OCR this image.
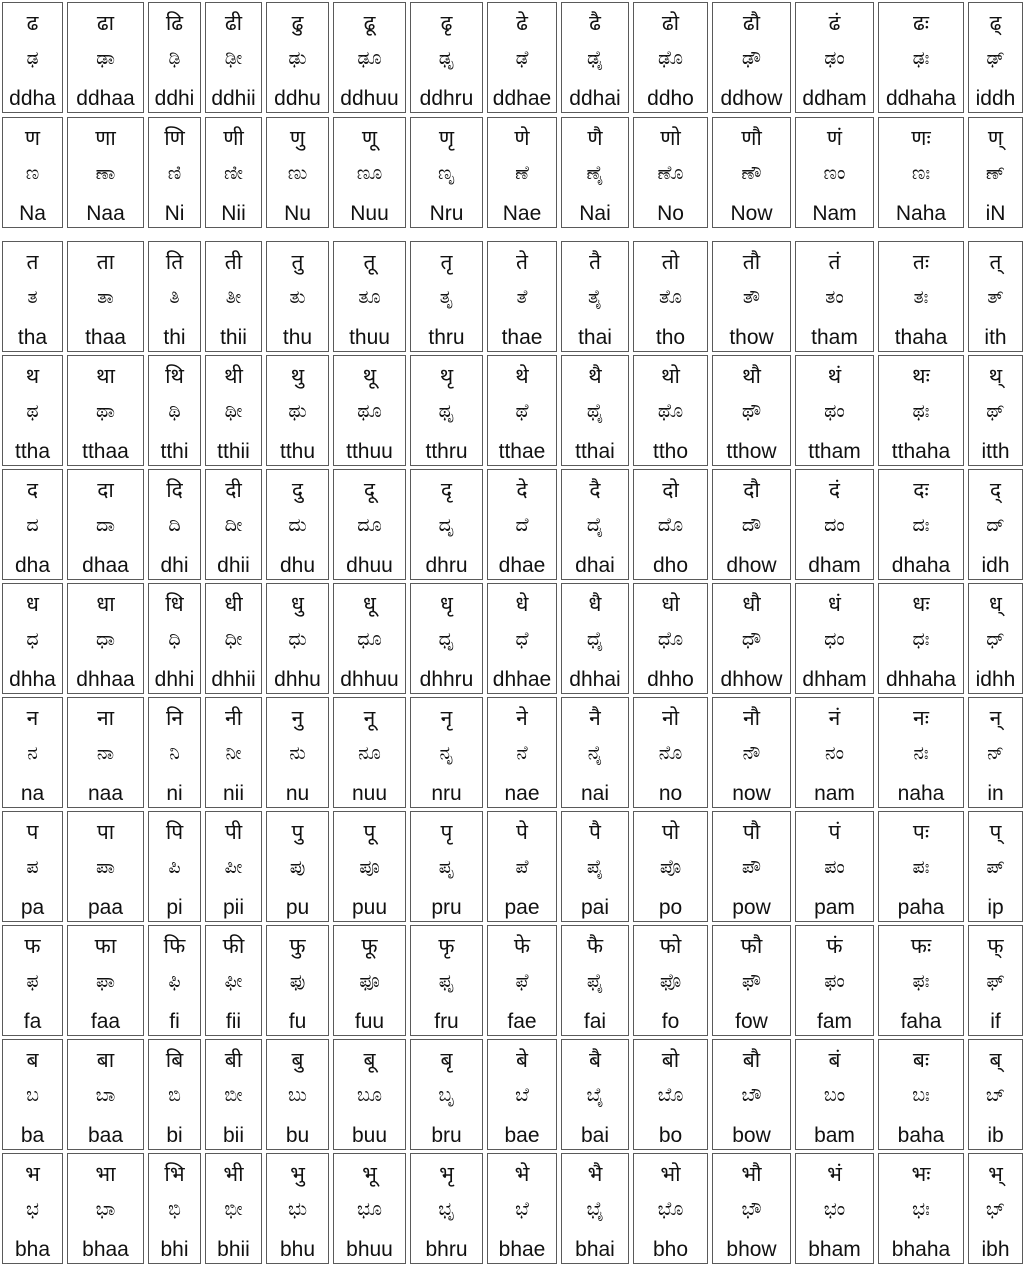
ढ
ಢ
ddha
ढा
ಢಾ
ddhaa
ढि
ಢಿ
ddhi
ढी
ಢೀ
ddhii
ढु
ಢು
ddhu
ढू
ಢೂ
ddhuu
ढृ
ಢೃ
ddhru
ढे
ಢೆ
ddhae
ढै
ಢೈ
ddhai
ढो
ಢೊ
ddho
ढौ
ಢೌ
ddhow
ढं
ಢಂ
ddham
ढः
ಢಃ
ddhaha
ढ्
ಢ್
iddh
ण
ಣ
Na
णा
ಣಾ
Naa
णि
ಣಿ
Ni
णी
ಣೀ
Nii
णु
ಣು
Nu
णू
ಣೂ
Nuu
णृ
ಣೃ
Nru
णे
ಣೆ
Nae
णै
ಣೈ
Nai
णो
ಣೊ
No
णौ
ಣೌ
Now
णं
ಣಂ
Nam
णः
ಣಃ
Naha
ण्
ಣ್
iN
त
ತ
tha
ता
ತಾ
thaa
ति
ತಿ
thi
ती
ತೀ
thii
तु
ತು
thu
तू
ತೂ
thuu
तृ
ತೃ
thru
ते
ತೆ
thae
तै
ತೈ
thai
तो
ತೊ
tho
तौ
ತೌ
thow
तं
ತಂ
tham
तः
ತಃ
thaha
त्
ತ್
ith
थ
ಥ
ttha
था
ಥಾ
tthaa
थि
ಥಿ
tthi
थी
ಥೀ
tthii
थु
ಥು
tthu
थू
ಥೂ
tthuu
थृ
ಥೃ
tthru
थे
ಥೆ
tthae
थै
ಥೈ
tthai
थो
ಥೊ
ttho
थौ
ಥೌ
tthow
थं
ಥಂ
ttham
थः
ಥಃ
tthaha
थ्
ಥ್
itth
द
ದ
dha
दा
ದಾ
dhaa
दि
ದಿ
dhi
दी
ದೀ
dhii
दु
ದು
dhu
दू
ದೂ
dhuu
दृ
ದೃ
dhru
दे
ದೆ
dhae
दै
ದೈ
dhai
दो
ದೊ
dho
दौ
ದೌ
dhow
दं
ದಂ
dham
दः
ದಃ
dhaha
द्
ದ್
idh
ध
ಧ
dhha
धा
ಧಾ
dhhaa
धि
ಧಿ
dhhi
धी
ಧೀ
dhhii
धु
ಧು
dhhu
धू
ಧೂ
dhhuu
धृ
ಧೃ
dhhru
धे
ಧೆ
dhhae
धै
ಧೈ
dhhai
धो
ಧೊ
dhho
धौ
ಧೌ
dhhow
धं
ಧಂ
dhham
धः
ಧಃ
dhhaha
ध्
ಧ್
idhh
न
ನ
na
ना
ನಾ
naa
नि
ನಿ
ni
नी
ನೀ
nii
नु
ನು
nu
नू
ನೂ
nuu
नृ
ನೃ
nru
ने
ನೆ
nae
नै
ನೈ
nai
नो
ನೊ
no
नौ
ನೌ
now
नं
ನಂ
nam
नः
ನಃ
naha
न्
ನ್
in
प
ಪ
pa
पा
ಪಾ
paa
पि
ಪಿ
pi
पी
ಪೀ
pii
पु
ಪು
pu
पू
ಪೂ
puu
पृ
ಪೃ
pru
पे
ಪೆ
pae
पै
ಪೈ
pai
पो
ಪೊ
po
पौ
ಪೌ
pow
पं
ಪಂ
pam
पः
ಪಃ
paha
प्
ಪ್
ip
फ
ಫ
fa
फा
ಫಾ
faa
फि
ಫಿ
fi
फी
ಫೀ
fii
फु
ಫು
fu
फू
ಫೂ
fuu
फृ
ಫೃ
fru
फे
ಫೆ
fae
फै
ಫೈ
fai
फो
ಫೊ
fo
फौ
ಫೌ
fow
फं
ಫಂ
fam
फः
ಫಃ
faha
फ्
ಫ್
if
ब
ಬ
ba
बा
ಬಾ
baa
बि
ಬಿ
bi
बी
ಬೀ
bii
बु
ಬು
bu
बू
ಬೂ
buu
बृ
ಬೃ
bru
बे
ಬೆ
bae
बै
ಬೈ
bai
बो
ಬೊ
bo
बौ
ಬೌ
bow
बं
ಬಂ
bam
बः
ಬಃ
baha
ब्
ಬ್
ib
भ
ಭ
bha
भा
ಭಾ
bhaa
भि
ಭಿ
bhi
भी
ಭೀ
bhii
भु
ಭು
bhu
भू
ಭೂ
bhuu
भृ
ಭೃ
bhru
भे
ಭೆ
bhae
भै
ಭೈ
bhai
भो
ಭೊ
bho
भौ
ಭೌ
bhow
भं
ಭಂ
bham
भः
ಭಃ
bhaha
भ्
ಭ್
ibh
